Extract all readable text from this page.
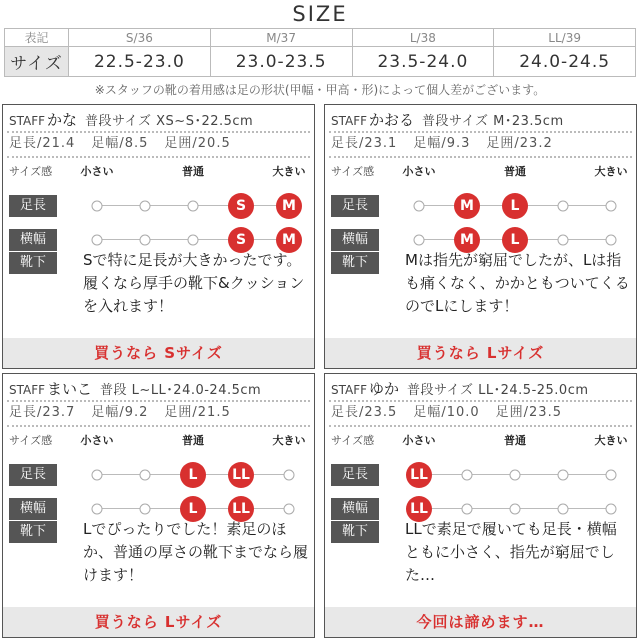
SIZE
表記	S/36	M/37	L/38	LL/39
サイズ	22.5-23.0	23.0-23.5	23.5-24.0	24.0-24.5
※スタッフの靴の着用感は足の形状(甲幅・甲高・形)によって個人差がございます。
STAFF かな 普段サイズ XS~S･22.5cm
足長/21.4 足幅/8.5 足囲/20.5
サイズ感	小さい	普通	大きい
足長	S	M
横幅	S	M
靴下	Sで特に足長が大きかったです。履くなら厚手の靴下&クッションを入れます！
買うなら Sサイズ
STAFF かおる 普段サイズ M･23.5cm
足長/23.1 足幅/9.3 足囲/23.2
サイズ感	小さい	普通	大きい
足長	M	L
横幅	M	L
靴下	Mは指先が窮屈でしたが、Lは指も痛くなく、かかともついてくるのでLにします！
買うなら Lサイズ
STAFF まいこ 普段 L~LL･24.0-24.5cm
足長/23.7 足幅/9.2 足囲/21.5
サイズ感	小さい	普通	大きい
足長	L	LL
横幅	L	LL
靴下	Lでぴったりでした！素足のほか、普通の厚さの靴下までなら履けます！
買うなら Lサイズ
STAFF ゆか 普段サイズ LL･24.5-25.0cm
足長/23.5 足幅/10.0 足囲/23.5
サイズ感	小さい	普通	大きい
足長	LL
横幅	LL
靴下	LLで素足で履いても足長・横幅ともに小さく、指先が窮屈でした…
今回は諦めます…
